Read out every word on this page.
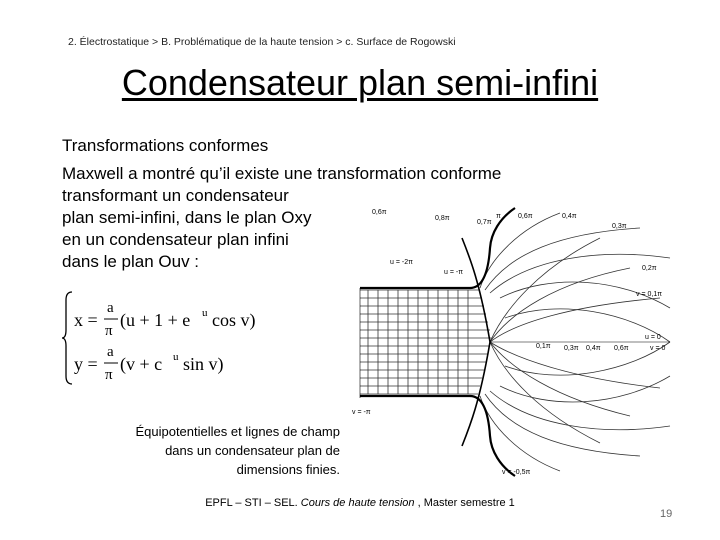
2. Électrostatique > B. Problématique de la haute tension > c. Surface de Rogowski
Condensateur plan semi-infini
Transformations conformes
Maxwell a montré qu’il existe une transformation conforme
transformant un condensateur
plan semi-infini, dans le plan Oxy
en un condensateur plan infini
dans le plan Ouv :
x =
a
π
(u + 1 + e u cos v)
y =
a
π
(v + c u sin v)
Équipotentielles et lignes de champ
dans un condensateur plan de
dimensions finies.
0,6π
0,8π
0,7π
π 0,6π	0,4π
0,3π
0,2π
u = -2π
u = -π
v = 0,1π
u = 0
v = 0
0,1π 0,3π 0,4π 0,6π
v = -π
v = -0,5π
EPFL – STI – SEL. Cours de haute tension , Master semestre 1
19
